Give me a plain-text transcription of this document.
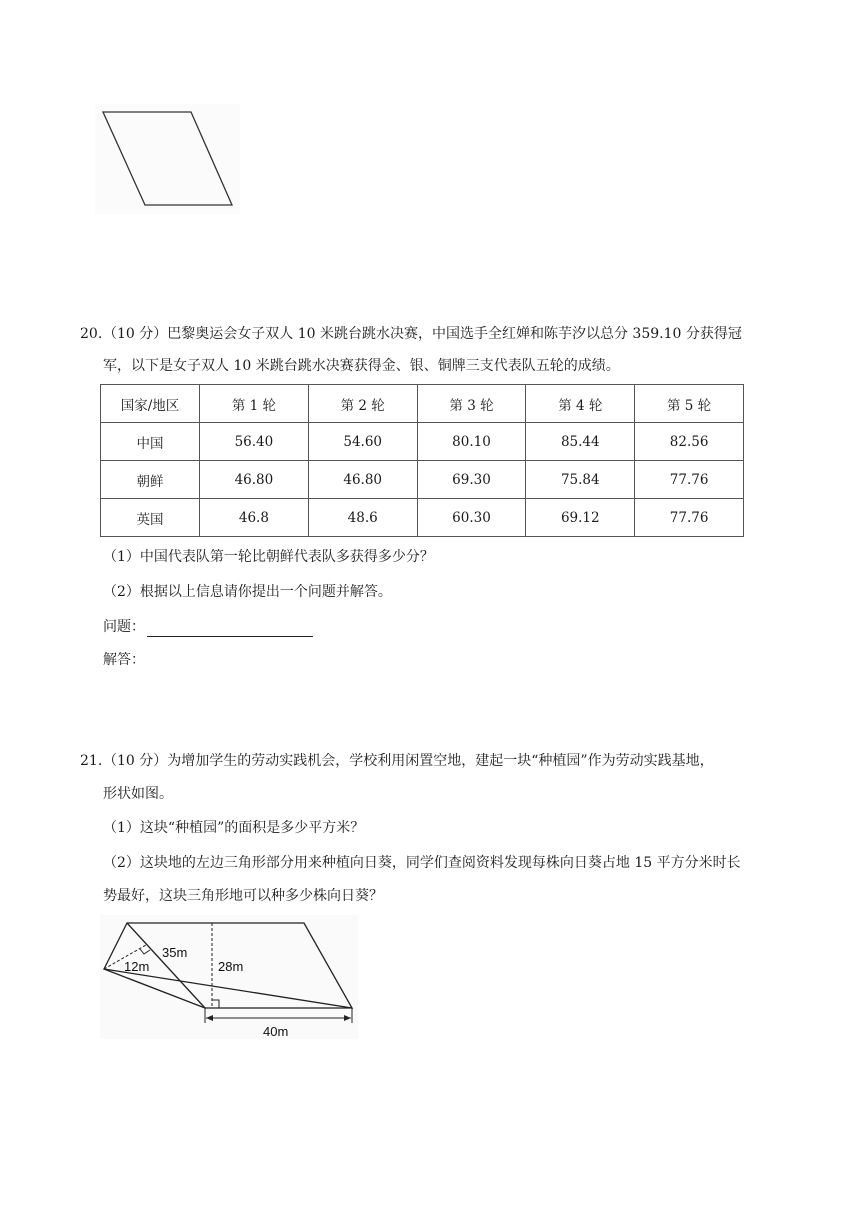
20. （10 分）巴黎奥运会女子双人 10 米跳台跳水决赛，中国选手全红婵和陈芋汐以总分 359.10 分获得冠
军，以下是女子双人 10 米跳台跳水决赛获得金、银、铜牌三支代表队五轮的成绩。
国家/地区	第 1 轮	第 2 轮	第 3 轮	第 4 轮	第 5 轮
中国	56.40	54.60	80.10	85.44	82.56
朝鲜	46.80	46.80	69.30	75.84	77.76
英国	46.8	48.6	60.30	69.12	77.76
（1）中国代表队第一轮比朝鲜代表队多获得多少分？
（2）根据以上信息请你提出一个问题并解答。
问题：
解答：
21. （10 分）为增加学生的劳动实践机会，学校利用闲置空地，建起一块“种植园”作为劳动实践基地，
形状如图。
（1）这块“种植园”的面积是多少平方米？
（2）这块地的左边三角形部分用来种植向日葵，同学们查阅资料发现每株向日葵占地 15 平方分米时长
势最好，这块三角形地可以种多少株向日葵？
12m
35m
28m
40m
